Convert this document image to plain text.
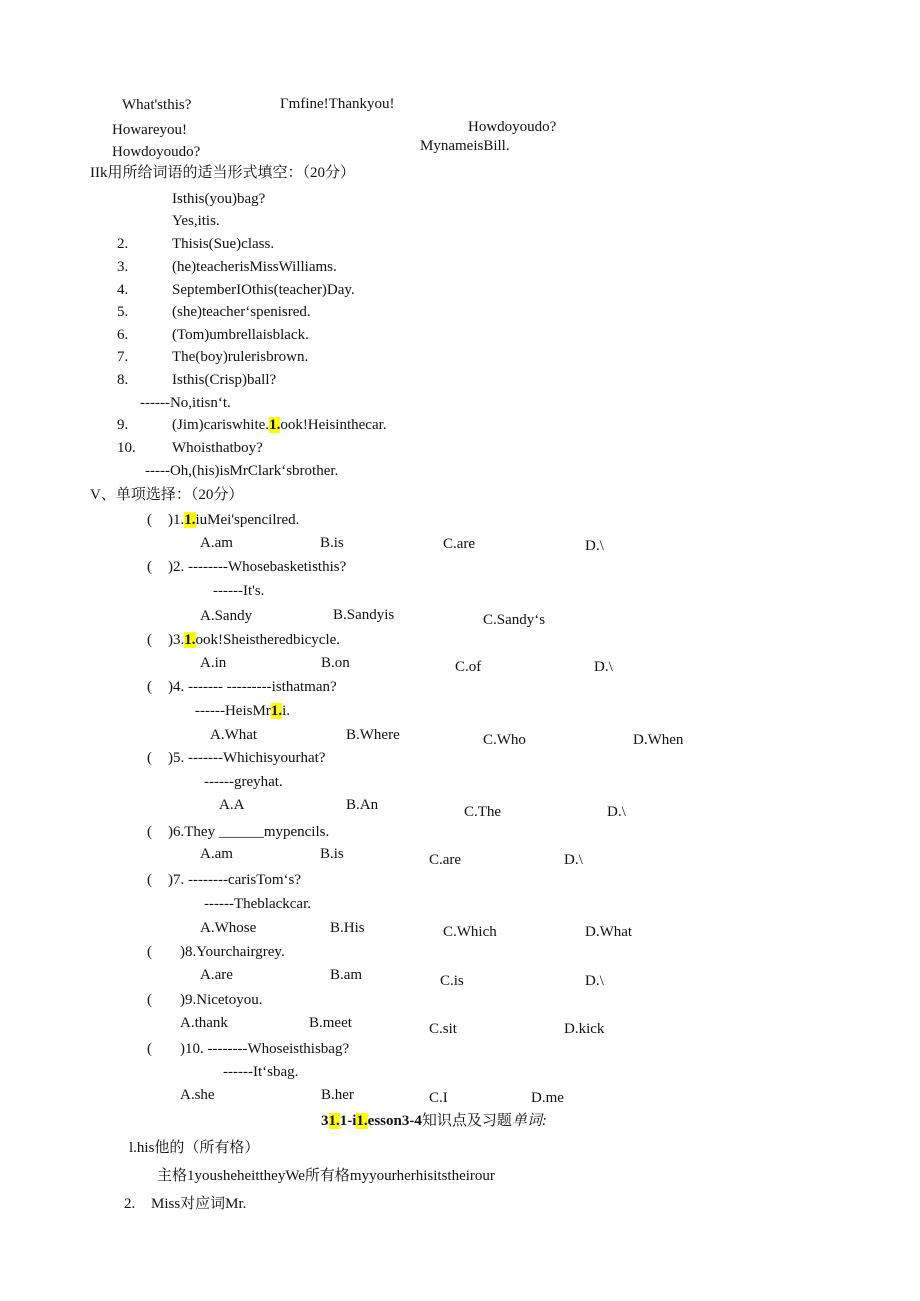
What'sthis?	Γmfine!Thankyou!
Howareyou!	Howdoyoudo?
MynameisBill.
Howdoyoudo?
IIk用所给词语的适当形式填空：（20分）
Isthis(you)bag?
Yes,itis.
2.	Thisis(Sue)class.
3.	(he)teacherisMissWilliams.
4.	SeptemberIOthis(teacher)Day.
5.	(she)teacher‘spenisred.
6.	(Tom)umbrellaisblack.
7.	The(boy)rulerisbrown.
8.	Isthis(Crisp)ball?
------No,itisn‘t.
9.	(Jim)cariswhite.1.ook!Heisinthecar.
10. Whoisthatboy?
-----Oh,(his)isMrClark‘sbrother.
V、单项选择：（20分）
( )1.1.iuMei'spencilred.
A.am	B.is	C.are	D.\
( )2. --------Whosebasketisthis?
------It's.
A.Sandy	B.Sandyis	C.Sandy‘s
( )3.1.ook!Sheistheredbicycle.
A.in	B.on	C.of	D.\
( )4. ------- ---------isthatman?
------HeisMr1.i.
A.What	B.Where	C.Who	D.When
( )5. -------Whichisyourhat?
------greyhat.
A.A	B.An	C.The	D.\
( )6.They ______mypencils.
A.am	B.is	C.are	D.\
( )7. --------carisTom‘s?
------Theblackcar.
A.Whose	B.His	C.Which	D.What
( )8.Yourchairgrey.
A.are	B.am	C.is	D.\
( )9.Nicetoyou.
A.thank	B.meet	C.sit	D.kick
( )10. --------Whoseisthisbag?
------It‘sbag.
A.she	B.her	C.I	D.me
31.1-i1.esson3-4知识点及习题单词:
l.his他的（所有格）
主格1yousheheittheyWe所有格myyourherhisitstheirour
2. Miss对应词Mr.
